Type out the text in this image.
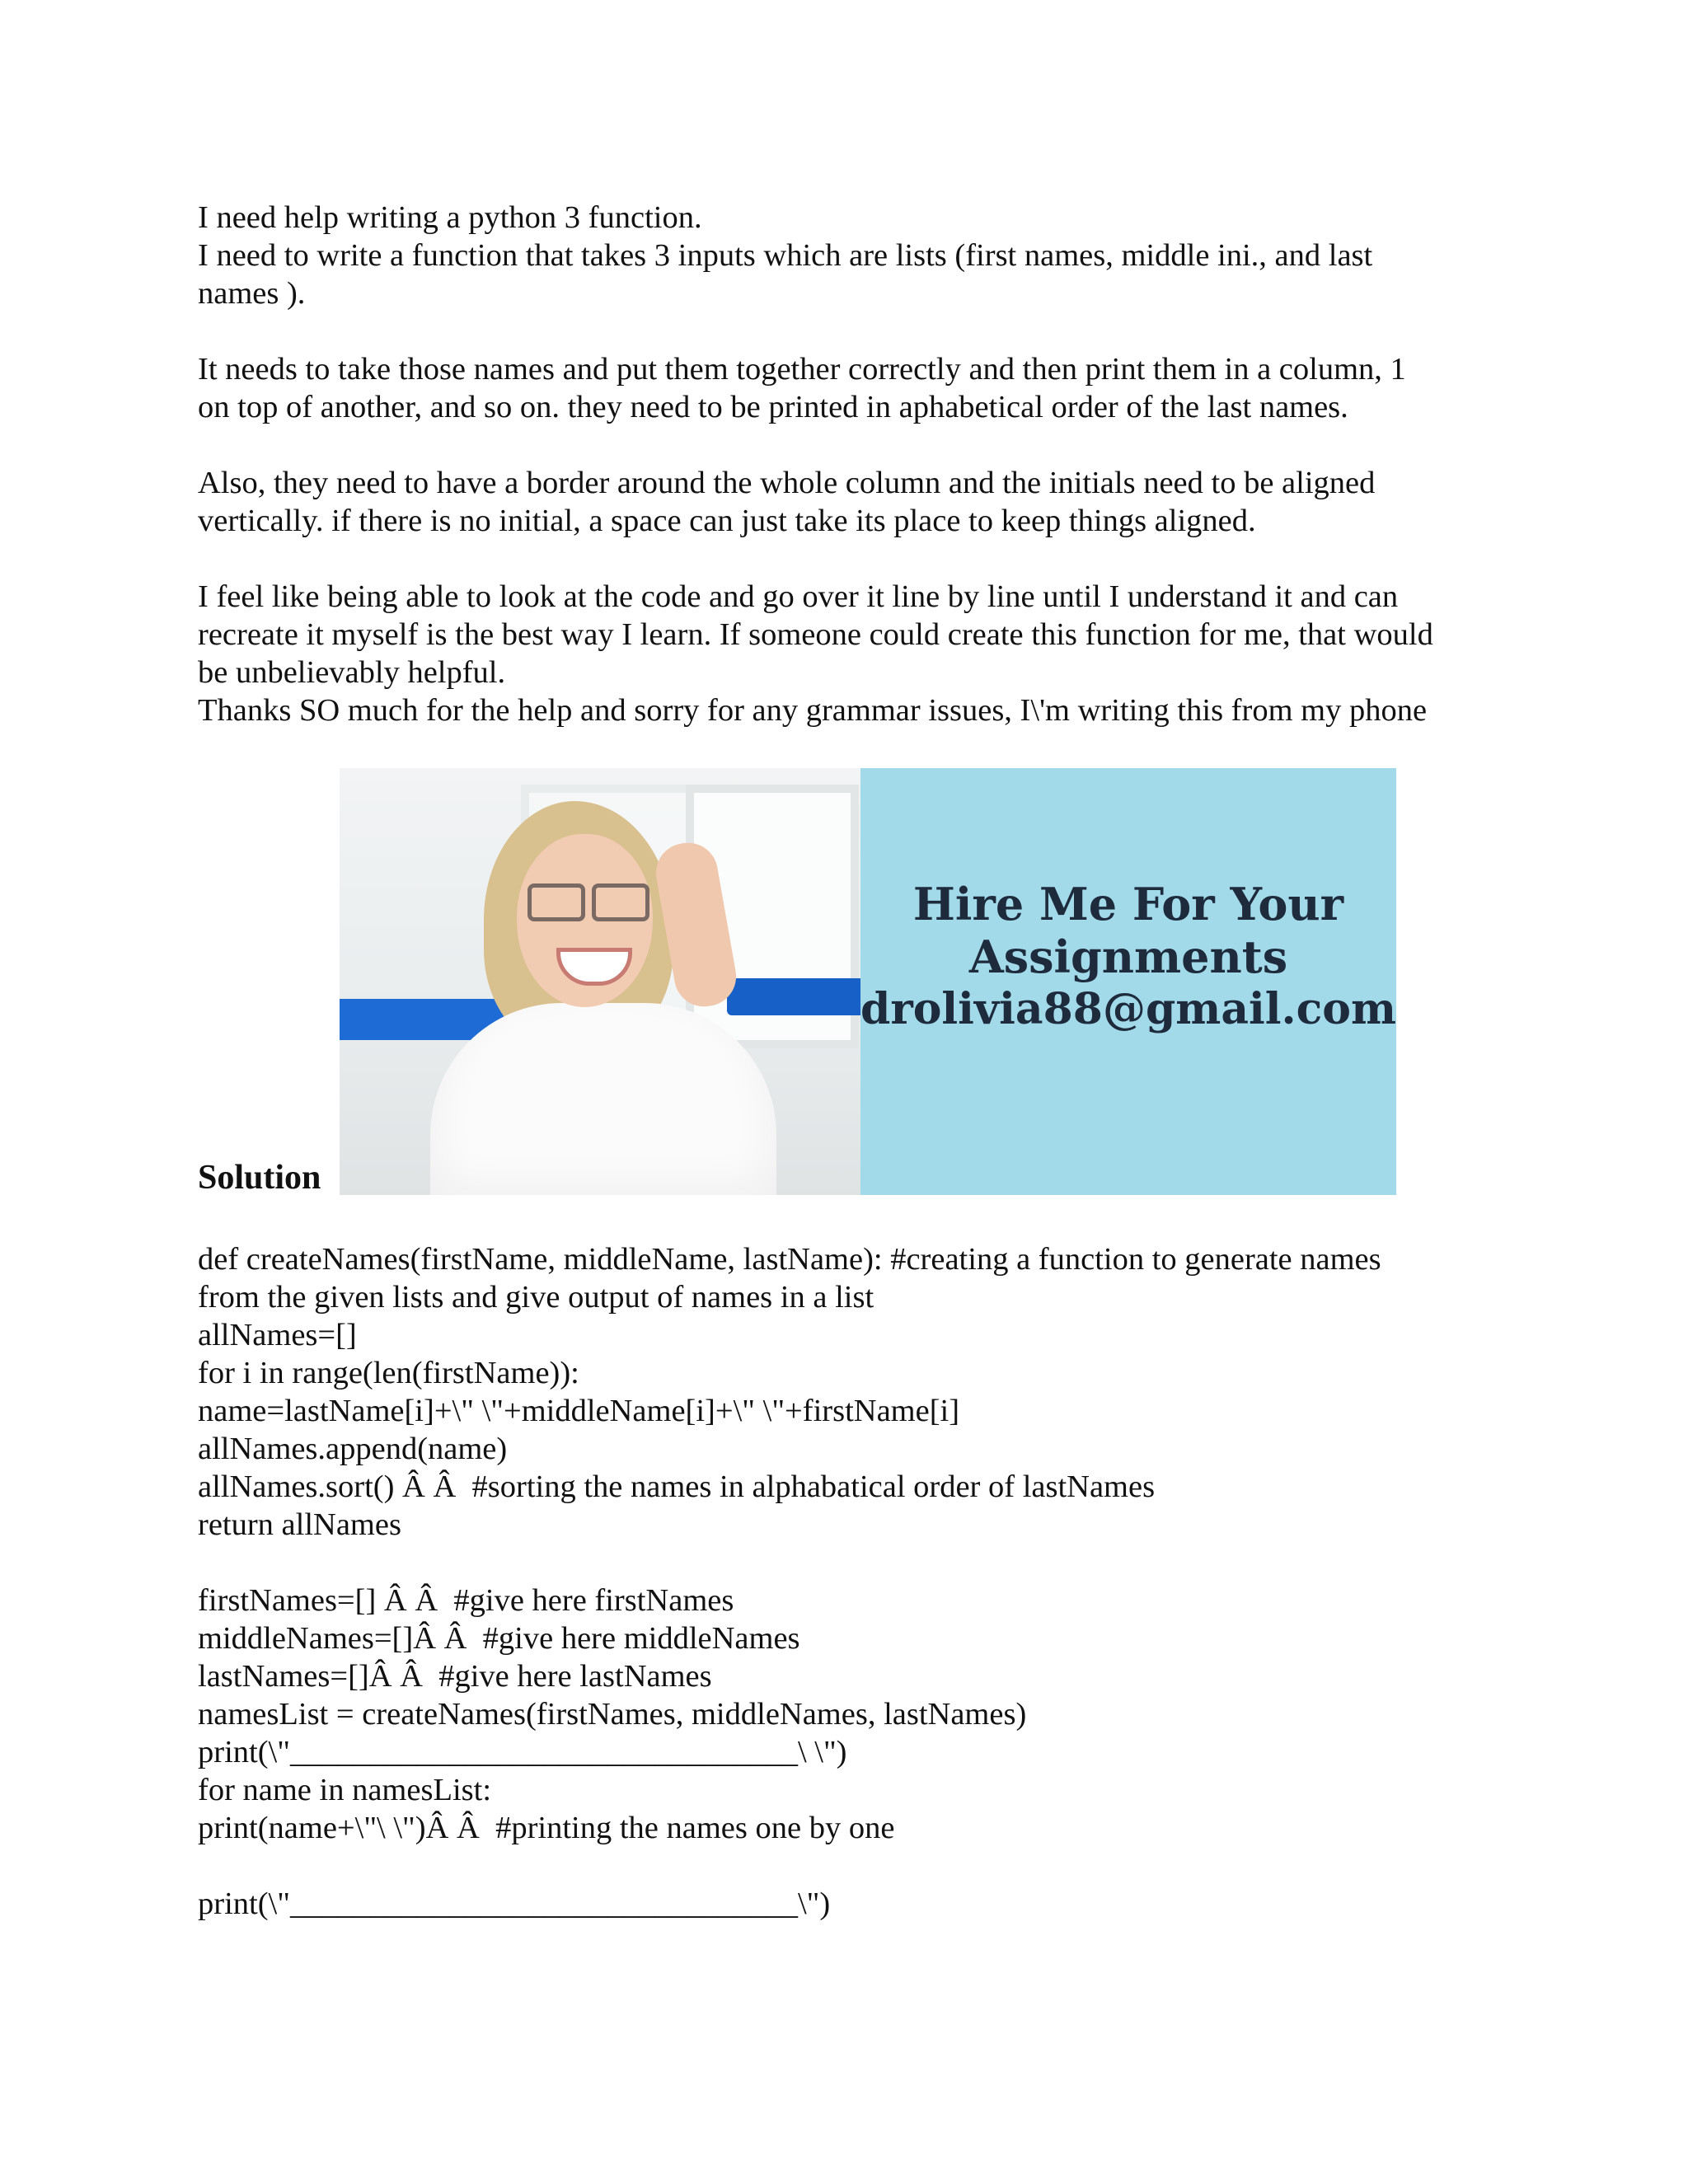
I need help writing a python 3 function.
I need to write a function that takes 3 inputs which are lists (first names, middle ini., and last
names ).
It needs to take those names and put them together correctly and then print them in a column, 1
on top of another, and so on. they need to be printed in aphabetical order of the last names.
Also, they need to have a border around the whole column and the initials need to be aligned
vertically. if there is no initial, a space can just take its place to keep things aligned.
I feel like being able to look at the code and go over it line by line until I understand it and can
recreate it myself is the best way I learn. If someone could create this function for me, that would
be unbelievably helpful.
Thanks SO much for the help and sorry for any grammar issues, I\'m writing this from my phone
Hire Me For Your
Assignments
drolivia88@gmail.com
Solution
def createNames(firstName, middleName, lastName): #creating a function to generate names
from the given lists and give output of names in a list
allNames=[]
for i in range(len(firstName)):
name=lastName[i]+\" \"+middleName[i]+\" \"+firstName[i]
allNames.append(name)
allNames.sort() Â Â  #sorting the names in alphabatical order of lastNames
return allNames
firstNames=[] Â Â  #give here firstNames
middleNames=[]Â Â  #give here middleNames
lastNames=[]Â Â  #give here lastNames
namesList = createNames(firstNames, middleNames, lastNames)
print(\"________________________________\ \")
for name in namesList:
print(name+\"\ \")Â Â  #printing the names one by one
print(\"________________________________\")
